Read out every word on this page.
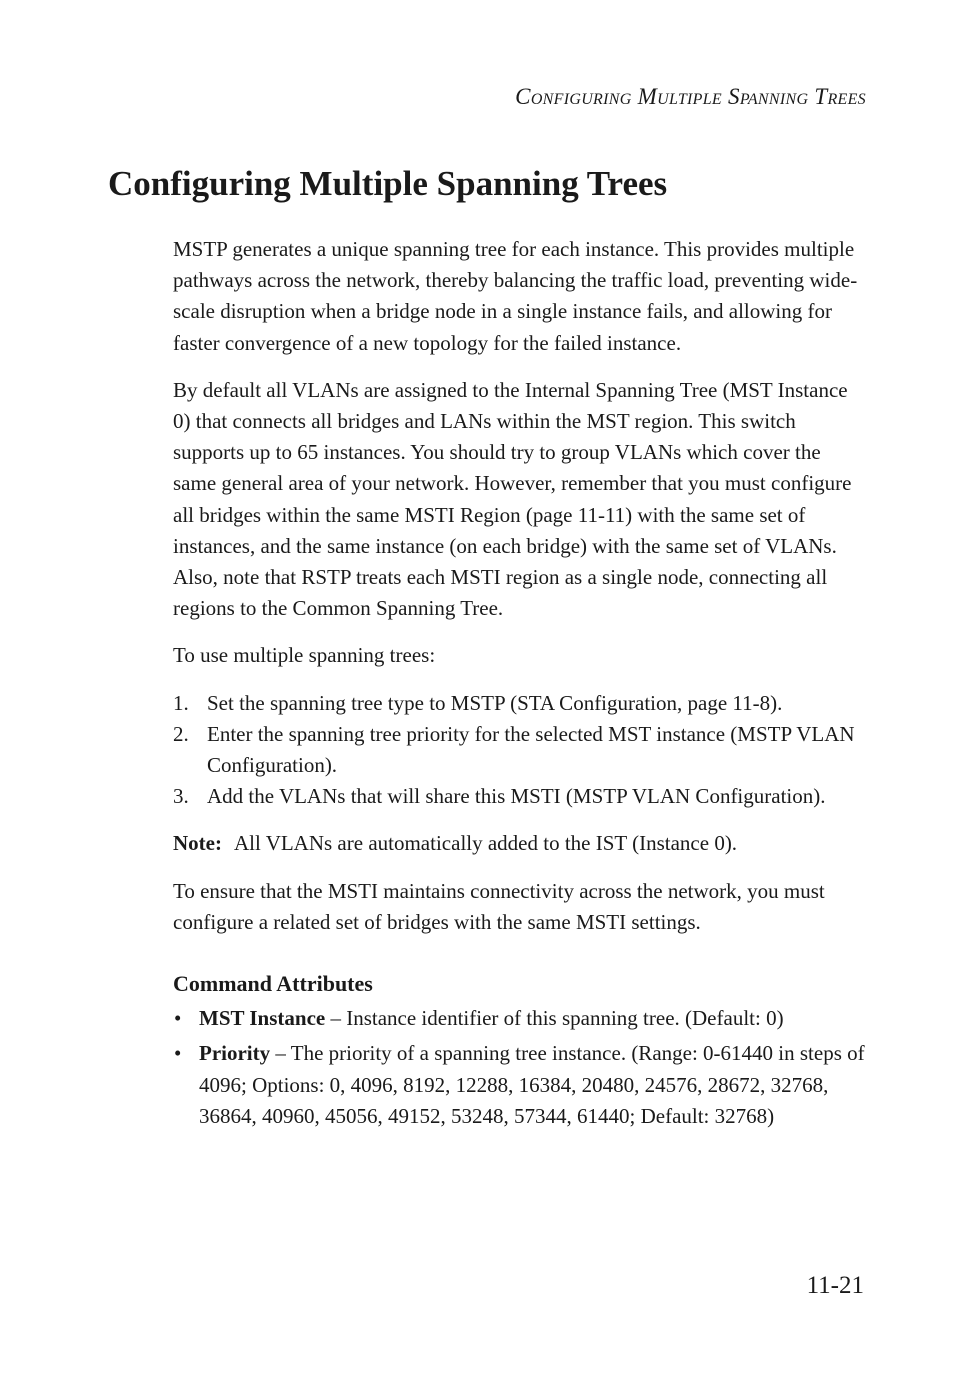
Configuring Multiple Spanning Trees
Configuring Multiple Spanning Trees

MSTP generates a unique spanning tree for each instance. This provides multiple pathways across the network, thereby balancing the traffic load, preventing wide-scale disruption when a bridge node in a single instance fails, and allowing for faster convergence of a new topology for the failed instance.

By default all VLANs are assigned to the Internal Spanning Tree (MST Instance 0) that connects all bridges and LANs within the MST region. This switch supports up to 65 instances. You should try to group VLANs which cover the same general area of your network. However, remember that you must configure all bridges within the same MSTI Region (page 11-11) with the same set of instances, and the same instance (on each bridge) with the same set of VLANs. Also, note that RSTP treats each MSTI region as a single node, connecting all regions to the Common Spanning Tree.

To use multiple spanning trees:

1. Set the spanning tree type to MSTP (STA Configuration, page 11-8).
2. Enter the spanning tree priority for the selected MST instance (MSTP VLAN Configuration).
3. Add the VLANs that will share this MSTI (MSTP VLAN Configuration).

Note: All VLANs are automatically added to the IST (Instance 0).

To ensure that the MSTI maintains connectivity across the network, you must configure a related set of bridges with the same MSTI settings.

Command Attributes
• MST Instance – Instance identifier of this spanning tree. (Default: 0)
• Priority – The priority of a spanning tree instance. (Range: 0-61440 in steps of 4096; Options: 0, 4096, 8192, 12288, 16384, 20480, 24576, 28672, 32768, 36864, 40960, 45056, 49152, 53248, 57344, 61440; Default: 32768)
11-21
